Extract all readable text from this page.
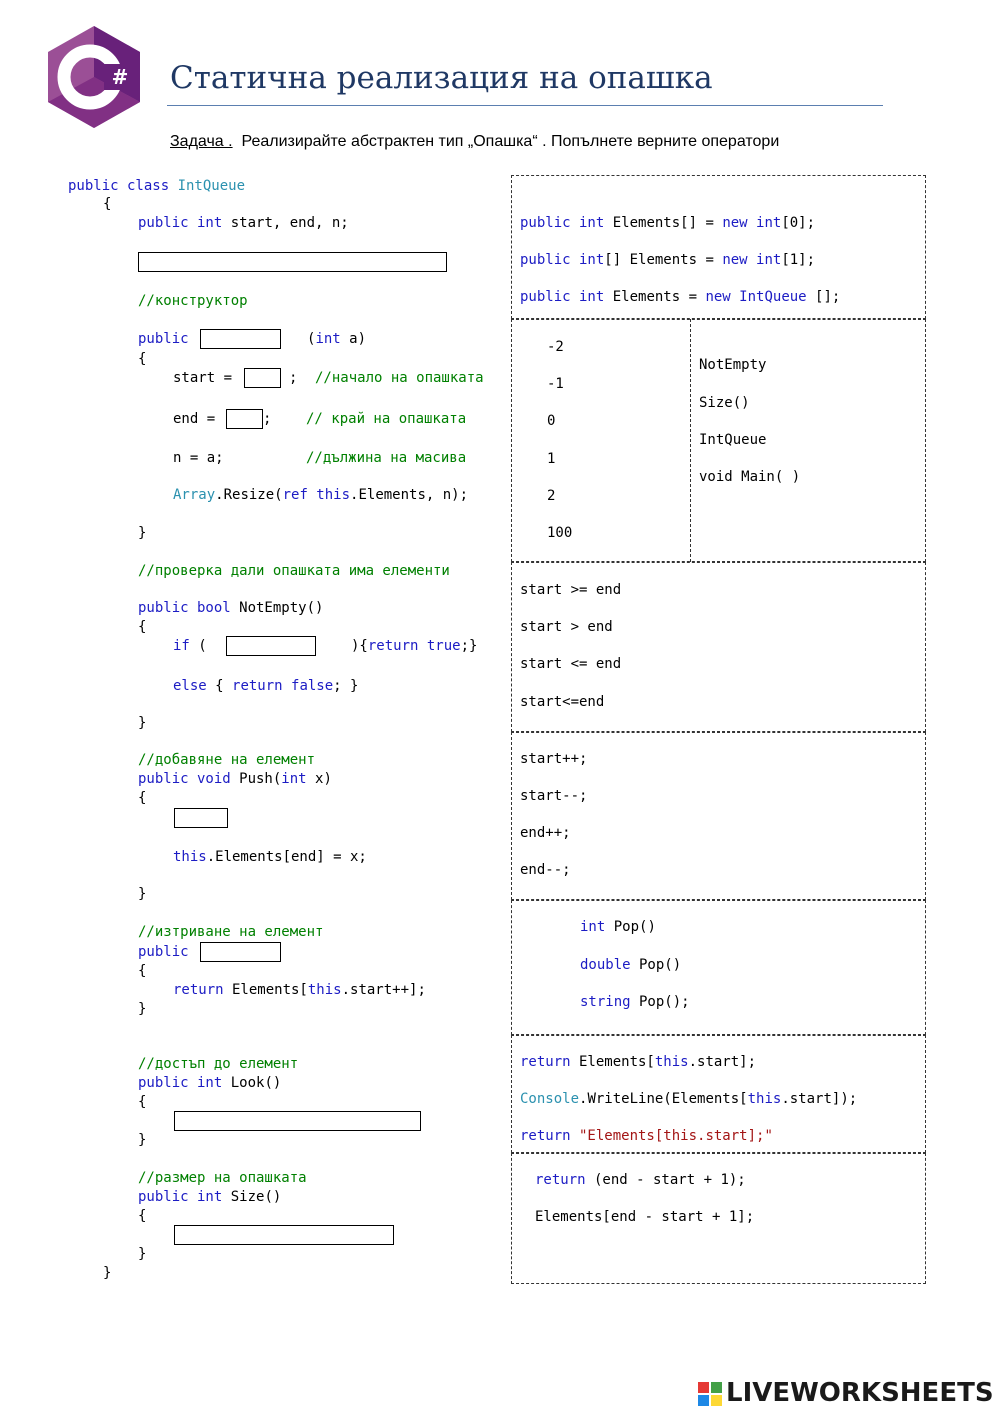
# Статична реализация на опашка
Задача . Реализирайте абстрактен тип „Опашка“ . Попълнете верните оператори
public class IntQueue
{
public int start, end, n;
//конструктор
public	(int a)
{
start =	; //начало на опашката
end =	; // край на опашката
n = a;	//дължина на масива
Array.Resize(ref this.Elements, n);
}
//проверка дали опашката има елементи
public bool NotEmpty()
{
if (	){return true;}
else { return false; }
}
//добавяне на елемент
public void Push(int x)
{
this.Elements[end] = x;
}
//изтриване на елемент
public
{
return Elements[this.start++];
}
//достъп до елемент
public int Look()
{
}
//размер на опашката
public int Size()
{
}
}
public int Elements[] = new int[0];
public int[] Elements = new int[1];
public int Elements = new IntQueue [];
-2
-1
0
1
2
100
NotEmpty
Size()
IntQueue
void Main( )
start >= end
start > end
start <= end
start<=end
start++;
start--;
end++;
end--;
int Pop()
double Pop()
string Pop();
return Elements[this.start];
Console.WriteLine(Elements[this.start]);
return "Elements[this.start];"
return (end - start + 1);
Elements[end - start + 1];
LIVEWORKSHEETS
